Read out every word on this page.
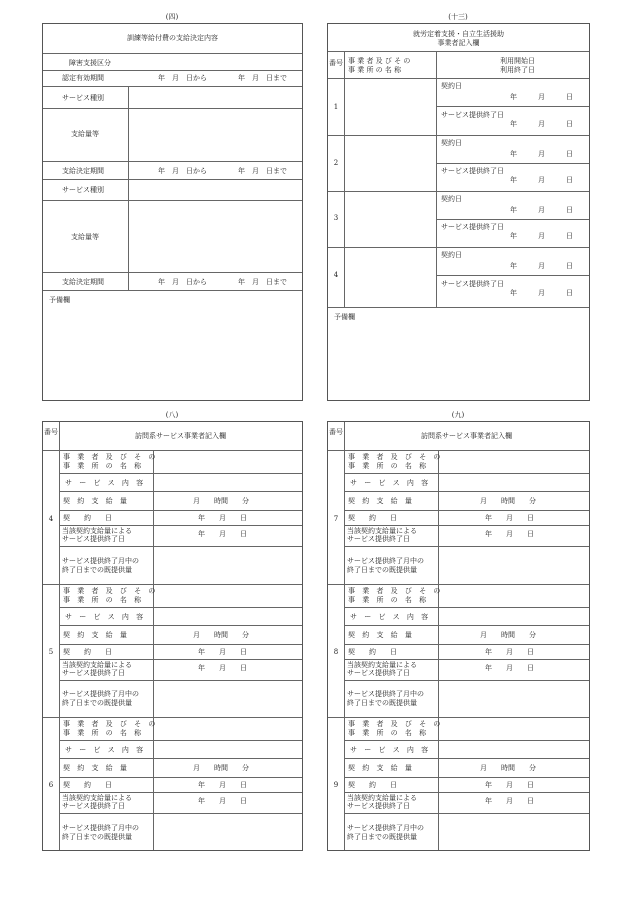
(四)
訓練等給付費の支給決定内容
障害支援区分
認定有効期間	年　月　日から	年　月　日まで
サービス種別
支給量等
支給決定期間	年　月　日から	年　月　日まで
サービス種別
支給量等
支給決定期間	年　月　日から	年　月　日まで
予備欄
(十三)
就労定着支援・自立生活援助
事業者記入欄
番号 事 業 者 及 び そ の
事 業 所 の 名 称
利用開始日
利用終了日
1
契約日
年　　　月　　　日
サービス提供終了日
年　　　月　　　日
2
契約日
年　　　月　　　日
サービス提供終了日
年　　　月　　　日
3
契約日
年　　　月　　　日
サービス提供終了日
年　　　月　　　日
4
契約日
年　　　月　　　日
サービス提供終了日
年　　　月　　　日
予備欄
(八)
番号	訪問系サービス事業者記入欄
4
事 業 者 及 び そ の
事 業 所 の 名 称
サ ー ビ ス 内 容
契 約 支 給 量	月　　時間　　分
契　　約　　日	年　　月　　日
当該契約支給量による
サービス提供終了日
年　　月　　日
サービス提供終了月中の
終了日までの既提供量
5
事 業 者 及 び そ の
事 業 所 の 名 称
サ ー ビ ス 内 容
契 約 支 給 量	月　　時間　　分
契　　約　　日	年　　月　　日
当該契約支給量による
サービス提供終了日
年　　月　　日
サービス提供終了月中の
終了日までの既提供量
6
事 業 者 及 び そ の
事 業 所 の 名 称
サ ー ビ ス 内 容
契 約 支 給 量	月　　時間　　分
契　　約　　日	年　　月　　日
当該契約支給量による
サービス提供終了日
年　　月　　日
サービス提供終了月中の
終了日までの既提供量
(九)
番号	訪問系サービス事業者記入欄
7
事 業 者 及 び そ の
事 業 所 の 名 称
サ ー ビ ス 内 容
契 約 支 給 量	月　　時間　　分
契　　約　　日	年　　月　　日
当該契約支給量による
サービス提供終了日
年　　月　　日
サービス提供終了月中の
終了日までの既提供量
8
事 業 者 及 び そ の
事 業 所 の 名 称
サ ー ビ ス 内 容
契 約 支 給 量	月　　時間　　分
契　　約　　日	年　　月　　日
当該契約支給量による
サービス提供終了日
年　　月　　日
サービス提供終了月中の
終了日までの既提供量
9
事 業 者 及 び そ の
事 業 所 の 名 称
サ ー ビ ス 内 容
契 約 支 給 量	月　　時間　　分
契　　約　　日	年　　月　　日
当該契約支給量による
サービス提供終了日
年　　月　　日
サービス提供終了月中の
終了日までの既提供量
